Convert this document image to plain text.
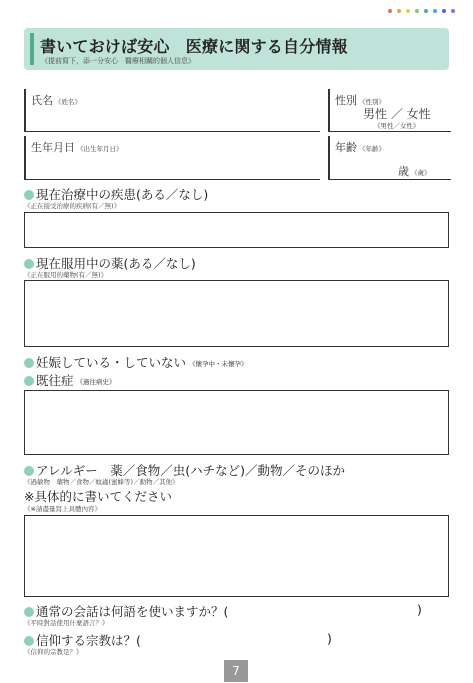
書いておけば安心　医療に関する自分情報
《提前寫下，添一分安心　醫療相關的個人信息》
氏名 《姓名》	性別 《性別》
男性 ／ 女性
《男性／女性》
生年月日 《出生年月日》	年齢 《年齡》
歳 《歲》
現在治療中の疾患(ある／なし)
《正在接受治療的疾病(有／無)》
現在服用中の薬(ある／なし)
《正在服用的藥物(有／無)》
妊娠している・していない 《懷孕中・未懷孕》
既往症 《過往病史》
アレルギー　薬／食物／虫(ハチなど)／動物／そのほか
《過敏物　藥物／食物／蚊蟲(蜜蜂等)／動物／其他》
※具体的に書いてください
《※請盡量寫上具體內容》
通常の会話は何語を使いますか？(	)
《平時對話使用什麼語言？》
信仰する宗教は？(	)
《信仰的宗教是？》
7
